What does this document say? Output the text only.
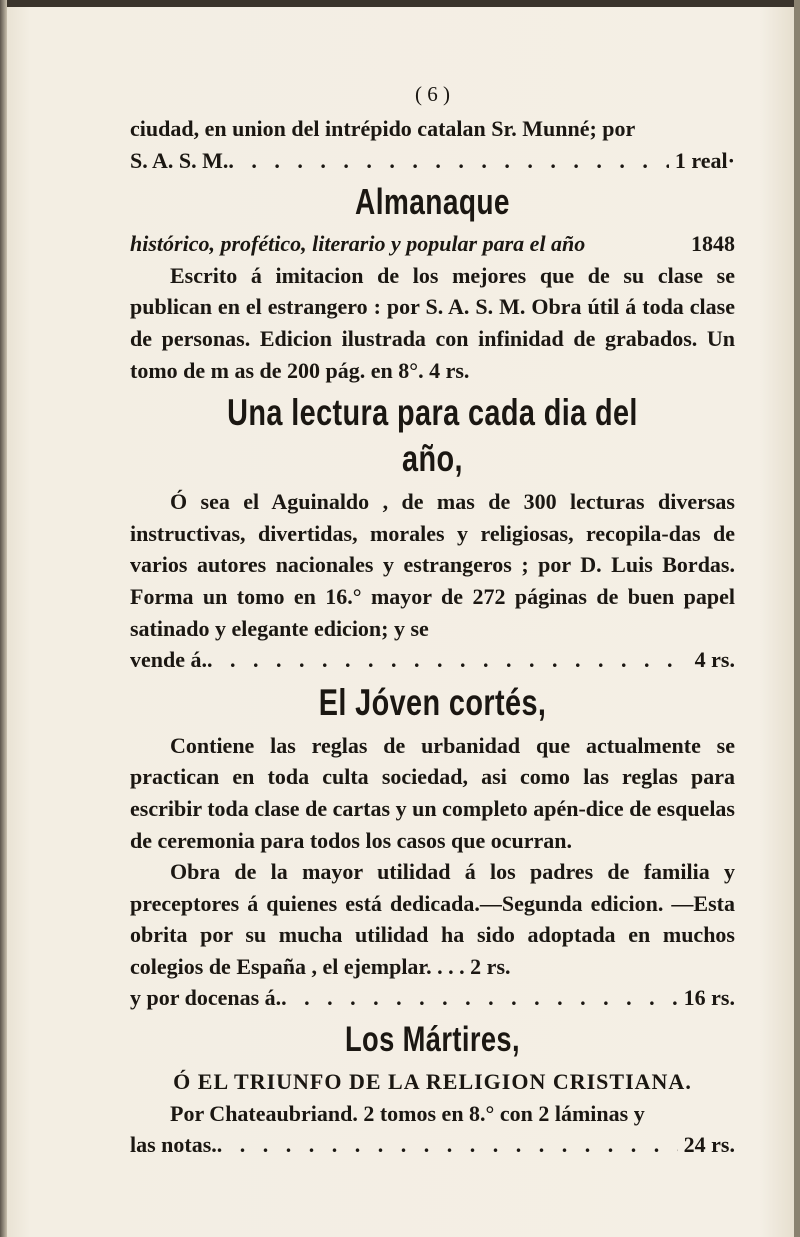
( 6 )

ciudad, en union del intrépido catalan Sr. Munné; por

S. A. S. M. . . .	1 real·
Almanaque
histórico, profético, literario y popular para el año	1848

Escrito á imitacion de los mejores que de su clase se publican en el estrangero : por S. A. S. M. Obra útil á toda clase de personas. Edicion ilustrada con infinidad de grabados. Un tomo de m as de 200 pág. en 8°. 4 rs.

Una lectura para cada dia del año,

Ó sea el Aguinaldo , de mas de 300 lecturas diversas instructivas, divertidas, morales y religiosas, recopila-das de varios autores nacionales y estrangeros ; por D. Luis Bordas. Forma un tomo en 16.° mayor de 272 páginas de buen papel satinado y elegante edicion; y se

vende á. . . .	4 rs.
El Jóven cortés,

Contiene las reglas de urbanidad que actualmente se practican en toda culta sociedad, asi como las reglas para escribir toda clase de cartas y un completo apén-dice de esquelas de ceremonia para todos los casos que ocurran.

Obra de la mayor utilidad á los padres de familia y preceptores á quienes está dedicada.—Segunda edicion. —Esta obrita por su mucha utilidad ha sido adoptada en muchos colegios de España , el ejemplar. . . . 2 rs.

y por docenas á. . . .	16 rs.
Los Mártires,

Ó EL TRIUNFO DE LA RELIGION CRISTIANA.

Por Chateaubriand. 2 tomos en 8.° con 2 láminas y

las notas. . . .	24 rs.
